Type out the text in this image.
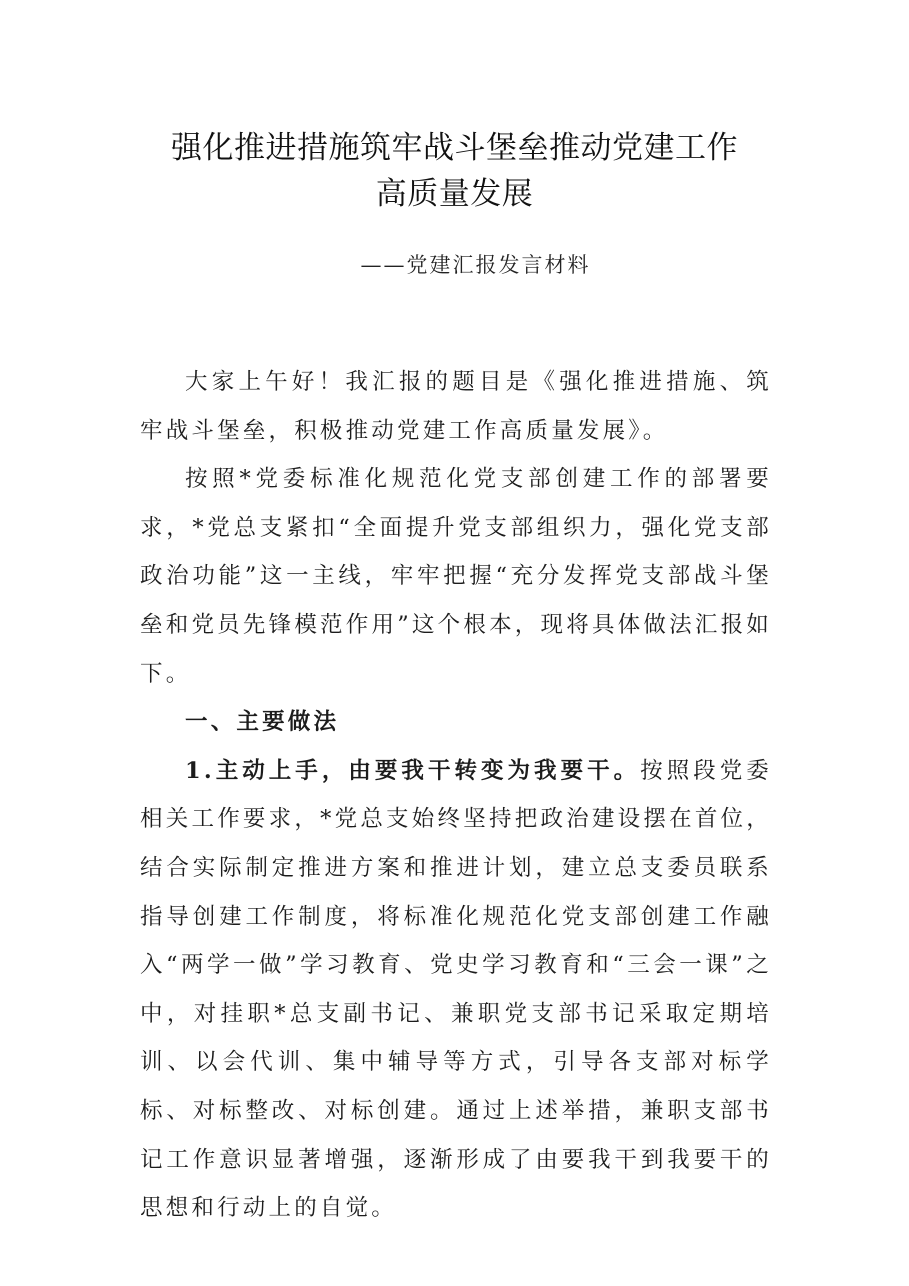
强化推进措施筑牢战斗堡垒推动党建工作
高质量发展
——党建汇报发言材料

大家上午好！我汇报的题目是《强化推进措施、筑牢战斗堡垒，积极推动党建工作高质量发展》。

按照*党委标准化规范化党支部创建工作的部署要求，*党总支紧扣“全面提升党支部组织力，强化党支部政治功能”这一主线，牢牢把握“充分发挥党支部战斗堡垒和党员先锋模范作用”这个根本，现将具体做法汇报如下。

一、主要做法

1.主动上手，由要我干转变为我要干。按照段党委相关工作要求，*党总支始终坚持把政治建设摆在首位，结合实际制定推进方案和推进计划，建立总支委员联系指导创建工作制度，将标准化规范化党支部创建工作融入“两学一做”学习教育、党史学习教育和“三会一课”之中，对挂职*总支副书记、兼职党支部书记采取定期培训、以会代训、集中辅导等方式，引导各支部对标学标、对标整改、对标创建。通过上述举措，兼职支部书记工作意识显著增强，逐渐形成了由要我干到我要干的思想和行动上的自觉。
